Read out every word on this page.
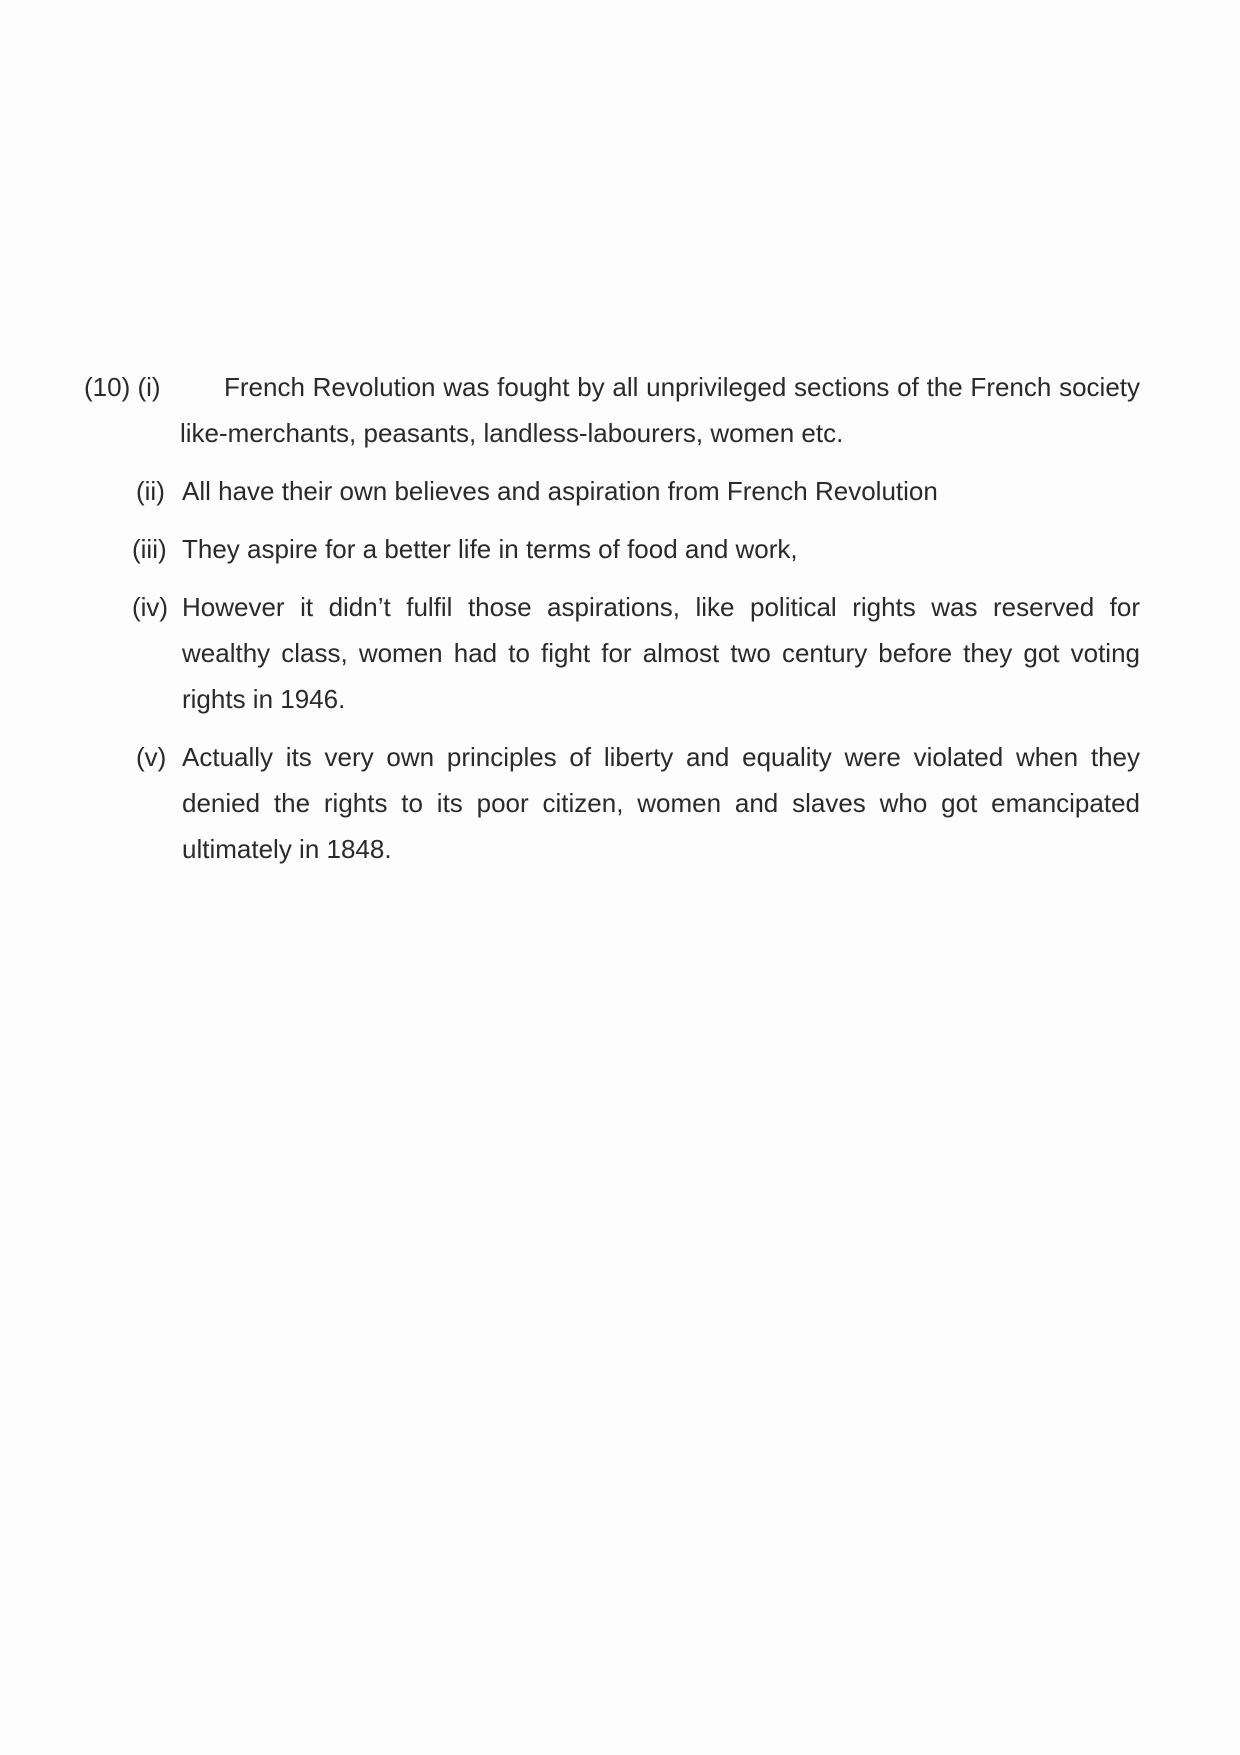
(10) (i)	French Revolution was fought by all unprivileged sections of the French society like-merchants, peasants, landless-labourers, women etc.
(ii) All have their own believes and aspiration from French Revolution
(iii) They aspire for a better life in terms of food and work,
(iv) However it didn’t fulfil those aspirations, like political rights was reserved for wealthy class, women had to fight for almost two century before they got voting rights in 1946.
(v) Actually its very own principles of liberty and equality were violated when they denied the rights to its poor citizen, women and slaves who got emancipated ultimately in 1848.
